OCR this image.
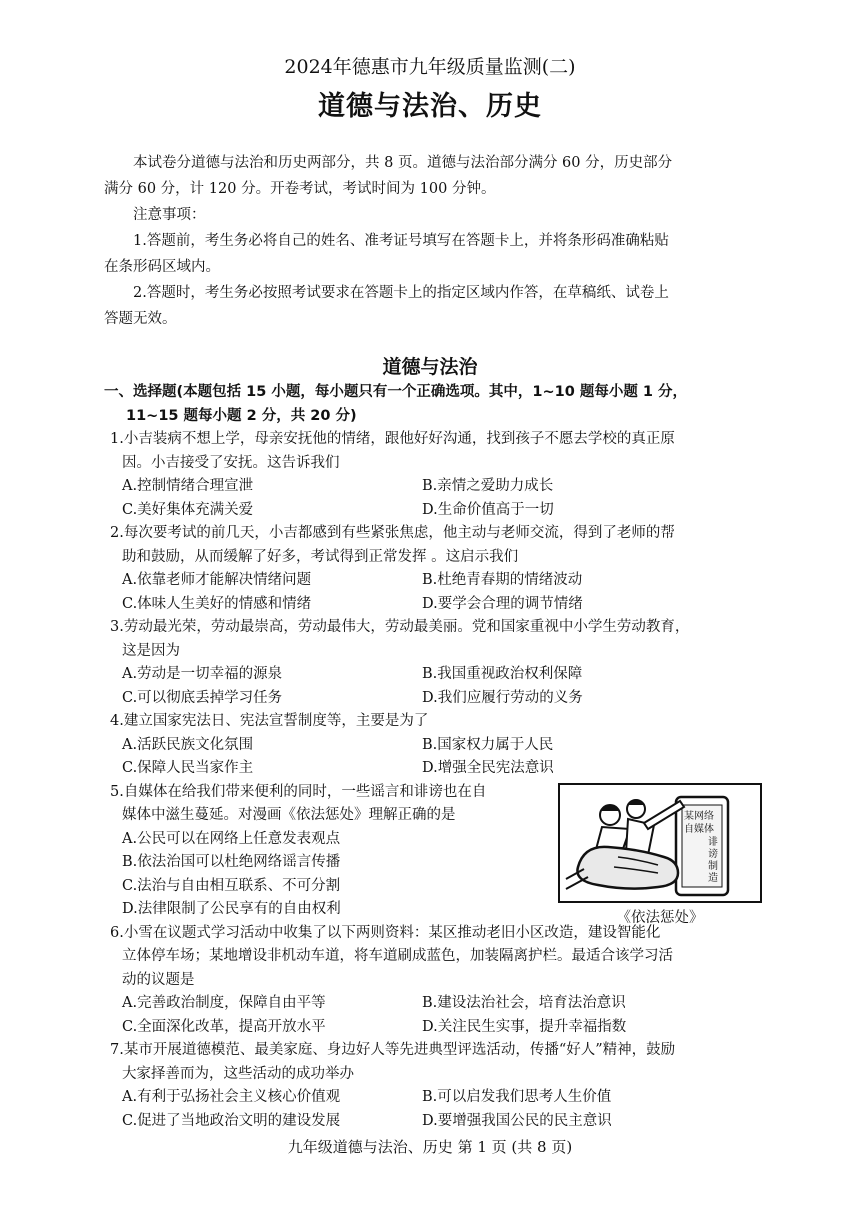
2024年德惠市九年级质量监测(二)
道德与法治、历史

本试卷分道德与法治和历史两部分，共 8 页。道德与法治部分满分 60 分，历史部分

满分 60 分，计 120 分。开卷考试，考试时间为 100 分钟。

注意事项：

1.答题前，考生务必将自己的姓名、准考证号填写在答题卡上，并将条形码准确粘贴

在条形码区域内。

2.答题时，考生务必按照考试要求在答题卡上的指定区域内作答，在草稿纸、试卷上

答题无效。

道德与法治
一、选择题(本题包括 15 小题，每小题只有一个正确选项。其中，1~10 题每小题 1 分，
11~15 题每小题 2 分，共 20 分)
1.小吉装病不想上学，母亲安抚他的情绪，跟他好好沟通，找到孩子不愿去学校的真正原
因。小吉接受了安抚。这告诉我们
A.控制情绪合理宣泄	B.亲情之爱助力成长
C.美好集体充满关爱	D.生命价值高于一切
2.每次要考试的前几天，小吉都感到有些紧张焦虑，他主动与老师交流，得到了老师的帮
助和鼓励，从而缓解了好多，考试得到正常发挥 。这启示我们
A.依靠老师才能解决情绪问题	B.杜绝青春期的情绪波动
C.体味人生美好的情感和情绪	D.要学会合理的调节情绪
3.劳动最光荣，劳动最崇高，劳动最伟大，劳动最美丽。党和国家重视中小学生劳动教育，
这是因为
A.劳动是一切幸福的源泉	B.我国重视政治权利保障
C.可以彻底丢掉学习任务	D.我们应履行劳动的义务
4.建立国家宪法日、宪法宣誓制度等，主要是为了
A.活跃民族文化氛围	B.国家权力属于人民
C.保障人民当家作主	D.增强全民宪法意识
5.自媒体在给我们带来便利的同时，一些谣言和诽谤也在自
媒体中滋生蔓延。对漫画《依法惩处》理解正确的是
A.公民可以在网络上任意发表观点
B.依法治国可以杜绝网络谣言传播
C.法治与自由相互联系、不可分割
D.法律限制了公民享有的自由权利
某网络
自媒体
诽
谤
制
造
《依法惩处》
6.小雪在议题式学习活动中收集了以下两则资料：某区推动老旧小区改造，建设智能化
立体停车场；某地增设非机动车道，将车道刷成蓝色，加装隔离护栏。最适合该学习活
动的议题是
A.完善政治制度，保障自由平等	B.建设法治社会，培育法治意识
C.全面深化改革，提高开放水平	D.关注民生实事，提升幸福指数
7.某市开展道德模范、最美家庭、身边好人等先进典型评选活动，传播“好人”精神，鼓励
大家择善而为，这些活动的成功举办
A.有利于弘扬社会主义核心价值观	B.可以启发我们思考人生价值
C.促进了当地政治文明的建设发展	D.要增强我国公民的民主意识
九年级道德与法治、历史 第 1 页 (共 8 页)
